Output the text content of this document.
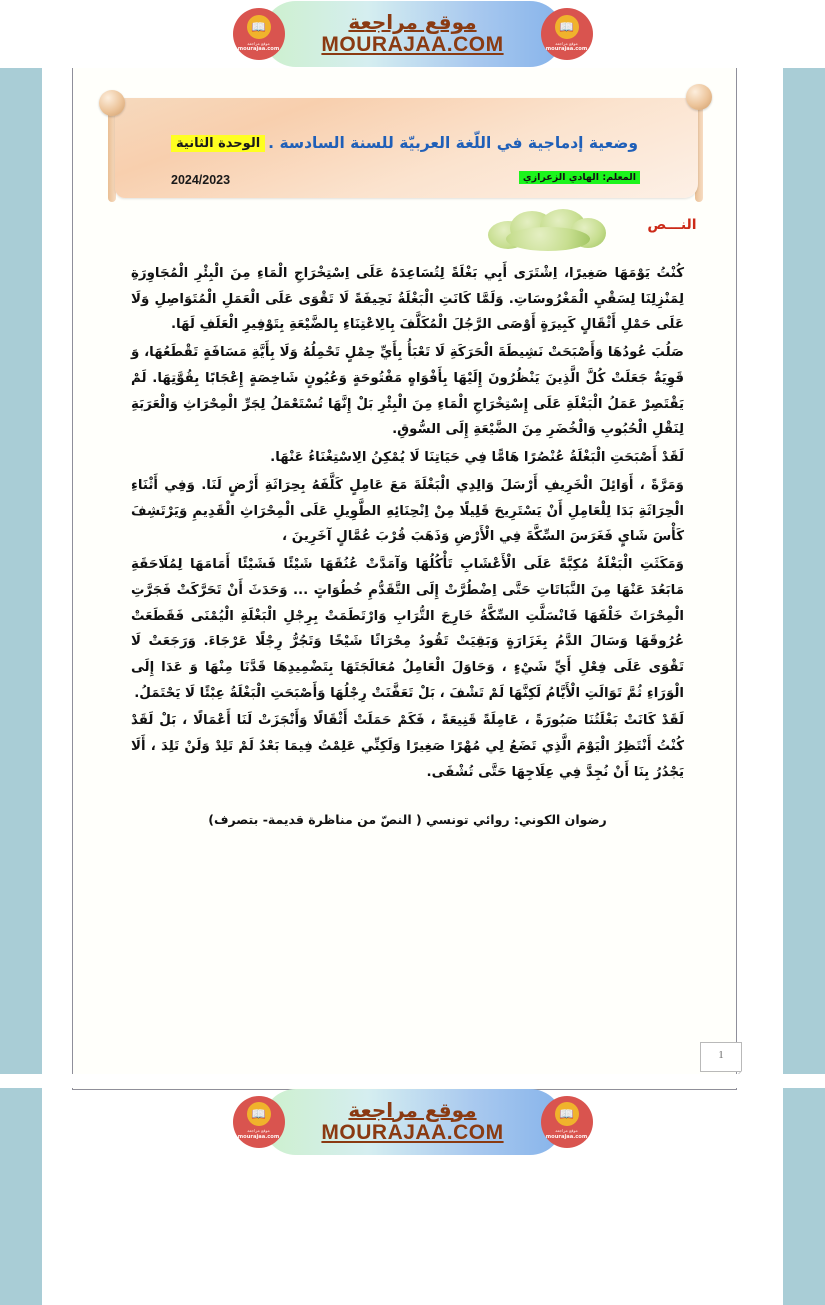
📖
موقع مراجعة
mourajaa.com
موقع مراجعة
MOURAJAA.COM
📖
موقع مراجعة
mourajaa.com
وضعية إدماجية في اللّغة العربيّة للسنة السادسة .
الوحدة الثانية
2024/2023	المعلم: الهادي الزعرازي
النـــص

كُنْتُ يَوْمَهَا صَغِيرًا، اِشْتَرَى أَبِي بَغْلَةً لِتُسَاعِدَهُ عَلَى اِسْتِخْرَاجِ الْمَاءِ مِنَ الْبِئْرِ الْمُجَاوِرَةِ لِمَنْزِلِنَا لِسَقْيِ الْمَغْرُوسَاتِ. وَلَمَّا كَانَتِ الْبَغْلَةُ نَحِيفَةً لَا تَقْوَى عَلَى الْعَمَلِ الْمُتَوَاصِلِ وَلَا عَلَى حَمْلِ أَثْقَالٍ كَبِيرَةٍ أَوْصَى الرَّجُلَ الْمُكَلَّفَ بِالِاعْتِنَاءِ بِالضَّيْعَةِ بِتَوْفِيرِ الْعَلَفِ لَهَا.

صَلُبَ عُودُهَا وَأَصْبَحَتْ نَشِيطَةَ الْحَرَكَةِ لَا تَعْبَأُ بِأَيِّ حِمْلٍ تَحْمِلُهُ وَلَا بِأَيَّةِ مَسَافَةٍ تَقْطَعُهَا، وَ قَوِيَةٌ جَعَلَتْ كُلَّ الَّذِينَ يَنْظُرُونَ إِلَيْهَا بِأَفْوَاهٍ مَفْتُوحَةٍ وَعُيُونٍ شَاخِصَةٍ إِعْجَابًا بِقُوَّتِهَا. لَمْ يَقْتَصِرْ عَمَلُ الْبَغْلَةِ عَلَى إِسْتِخْرَاجِ الْمَاءِ مِنَ الْبِئْرِ بَلْ إِنَّهَا تُسْتَعْمَلُ لِجَرِّ الْمِحْرَاثِ وَالْعَرَبَةِ لِنَقْلِ الْحُبُوبِ وَالْخُضَرِ مِنَ الضَّيْعَةِ إِلَى السُّوقِ.

لَقَدْ أَصْبَحَتِ الْبَغْلَةُ عُنْصُرًا هَامًّا فِي حَيَاتِنَا لَا يُمْكِنُ الِاسْتِغْنَاءُ عَنْهَا.

وَمَرَّةً ، أَوَائِلَ الْخَرِيفِ أَرْسَلَ وَالِدِي الْبَغْلَةَ مَعَ عَامِلٍ كَلَّفَهُ بِحِرَاثَةِ أَرْضٍ لَنَا. وَفِي أَثْنَاءِ الْحِرَاثَةِ بَدَا لِلْعَامِلِ أَنْ يَسْتَرِيحَ قَلِيلًا مِنْ اِنْحِنَائِهِ الطَّوِيلِ عَلَى الْمِحْرَاثِ الْقَدِيمِ وَيَرْتَشِفَ كَأْسَ شَايٍ فَغَرَسَ السِّكَّةَ فِي الْأَرْضِ وَذَهَبَ قُرْبَ عُمَّالٍ آخَرِينَ ،

وَمَكَثَتِ الْبَغْلَةُ مُكِبَّةً عَلَى الْأَعْشَابِ تَأْكُلُهَا وَآمَدَّتْ عُنُقَهَا شَيْئًا فَشَيْئًا أَمَامَهَا لِمُلَاحَقَةِ مَابَعُدَ عَنْهَا مِنَ النَّبَاتَاتِ حَتَّى اِضْطُرَّتْ إِلَى التَّقَدُّمِ خُطُوَاتٍ ... وَحَدَثَ أَنْ تَحَرَّكَتْ فَجَرَّتِ الْمِحْرَاثَ خَلْفَهَا فَانْسَلَّتِ السِّكَّةُ خَارِجَ التُّرَابِ وَارْتَطَمَتْ بِرِجْلِ الْبَغْلَةِ الْيُمْنَى فَقَطَعَتْ عُرُوقَهَا وَسَالَ الدَّمُ بِغَزَارَةٍ وَبَقِيَتْ تَقُودُ مِحْرَاثًا شَيْخًا وَتَجُرُّ رِجْلًا عَرْجَاءَ. وَرَجَعَتْ لَا تَقْوَى عَلَى فِعْلِ أَيِّ شَيْءٍ ، وَحَاوَلَ الْعَامِلُ مُعَالَجَتَهَا بِتَضْمِيدِهَا قَدَّنَا مِنْهَا وَ عَدَا إِلَى الْوَرَاءِ ثُمَّ تَوَالَتِ الْأَيَّامُ لَكِنَّهَا لَمْ تَشْفَ ، بَلْ تَعَفَّنَتْ رِجْلُهَا وَأَصْبَحَتِ الْبَغْلَةُ عِبْئًا لَا يَحْتَمَلُ.

لَقَدْ كَانَتْ بَغْلَتُنَا صَبُورَةً ، عَامِلَةً قَنِيعَةً ، فَكَمْ حَمَلَتْ أَثْقَالًا وَأَنْجَزَتْ لَنَا أَعْمَالًا ، بَلْ لَقَدْ كُنْتُ أَنْتَظِرُ الْيَوْمَ الَّذِي تَضَعُ لِي مُهْرًا صَغِيرًا وَلَكِنِّي عَلِمْتُ فِيمَا بَعْدُ لَمْ تَلِدْ وَلَنْ تَلِدَ ، أَلَا يَجْدُرُ بِنَا أَنْ نُجِدَّ فِي عِلَاجِهَا حَتَّى تُشْفَى.

رضوان الكوني: روائي تونسي ( النصّ من مناظرة قديمة- بتصرف)
1
📖
موقع مراجعة
mourajaa.com
موقع مراجعة
MOURAJAA.COM
📖
موقع مراجعة
mourajaa.com
